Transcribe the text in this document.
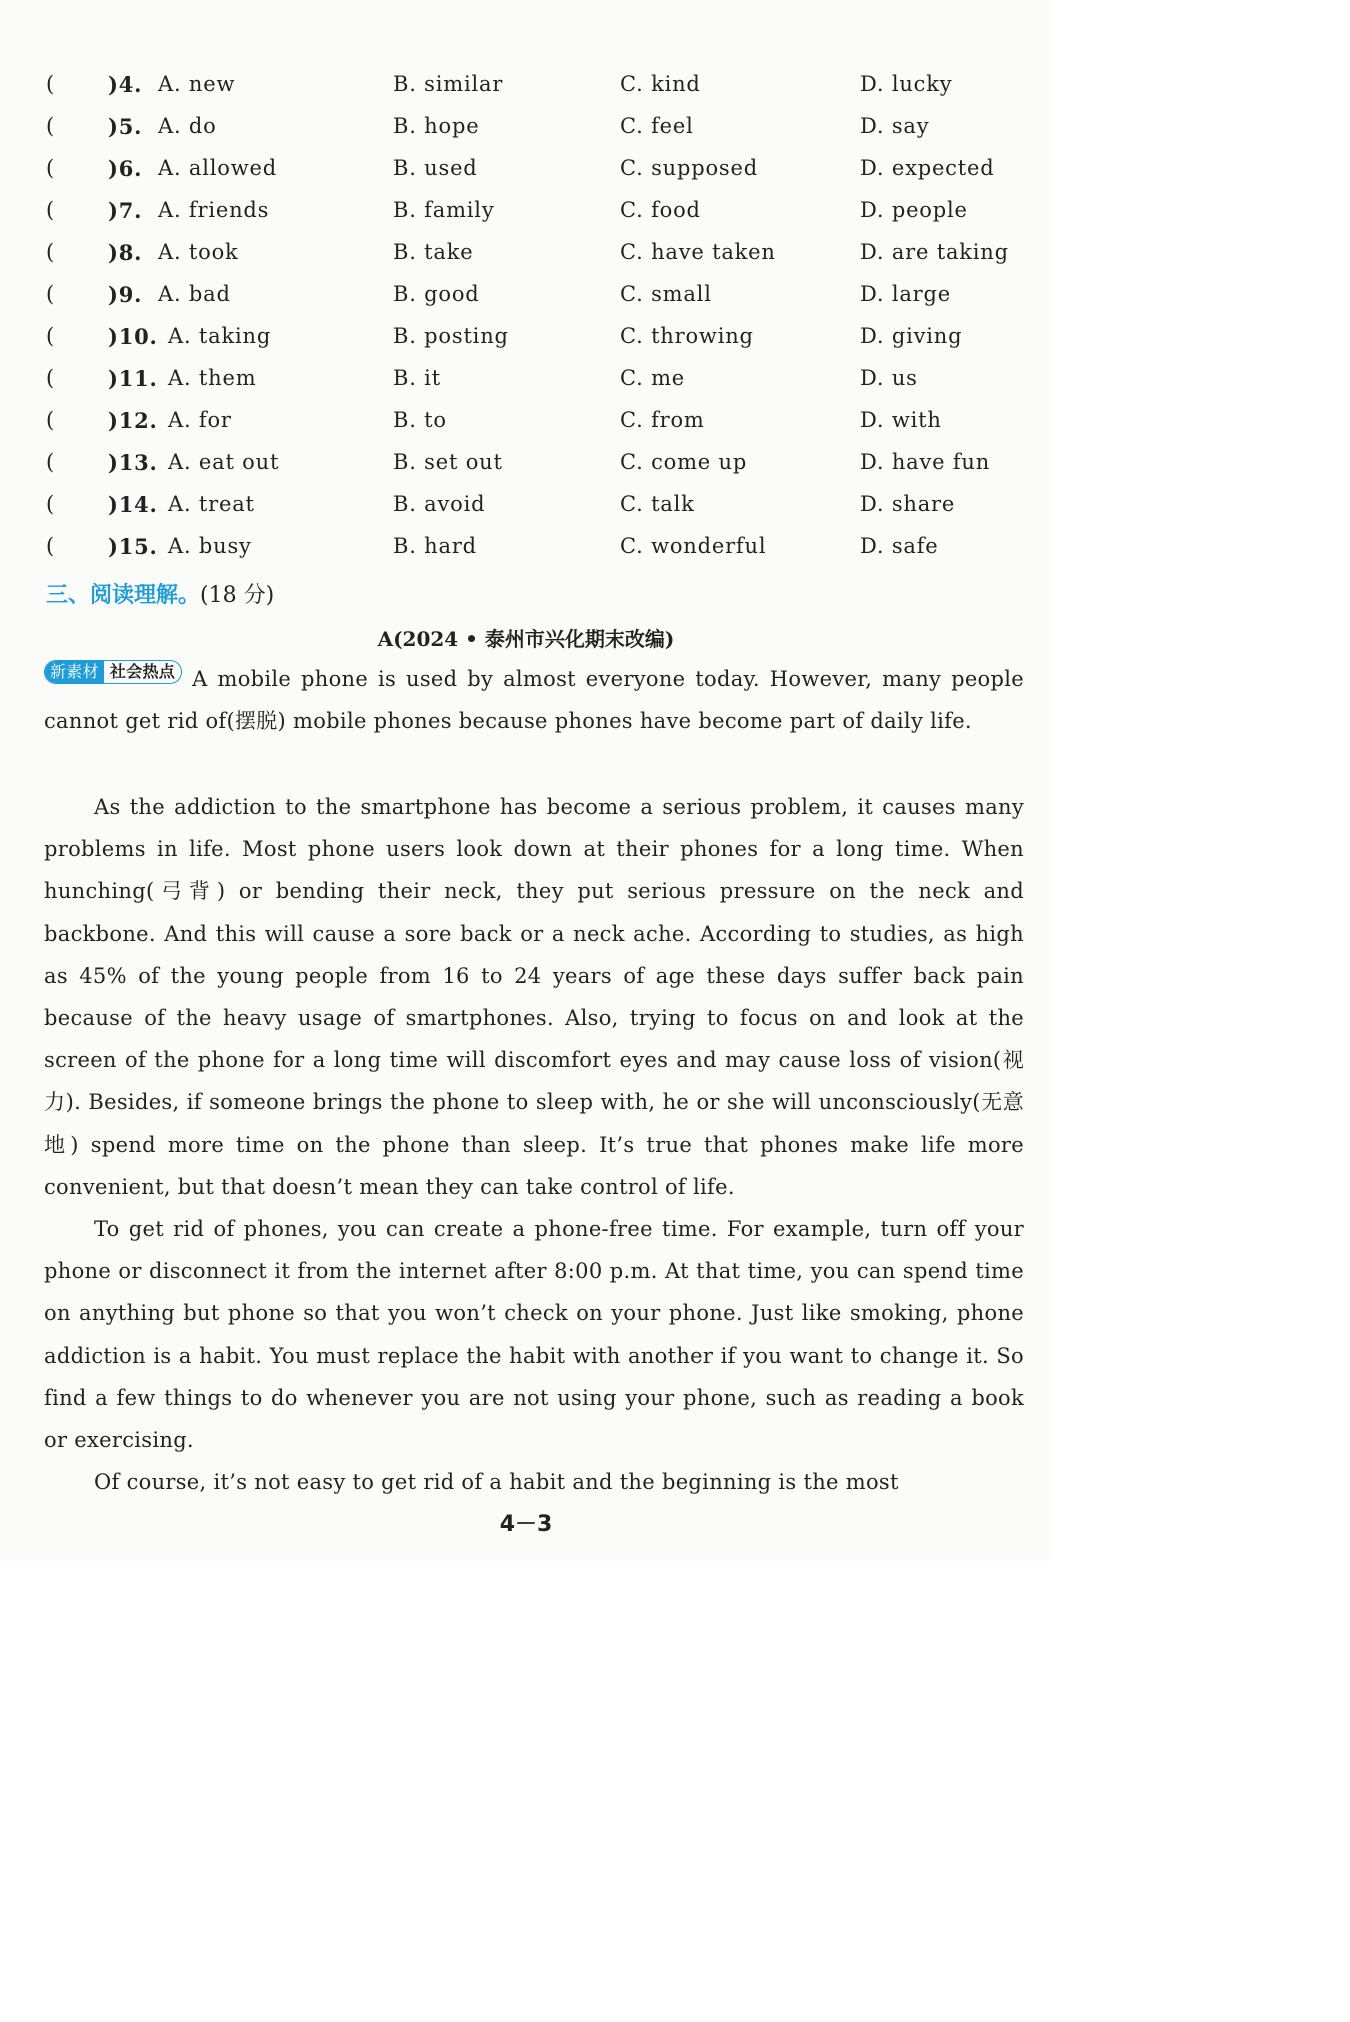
(	)4. A. new	B. similar	C. kind	D. lucky
(	)5. A. do	B. hope	C. feel	D. say
(	)6. A. allowed	B. used	C. supposed	D. expected
(	)7. A. friends	B. family	C. food	D. people
(	)8. A. took	B. take	C. have taken	D. are taking
(	)9. A. bad	B. good	C. small	D. large
(	)10. A. taking	B. posting	C. throwing	D. giving
(	)11. A. them	B. it	C. me	D. us
(	)12. A. for	B. to	C. from	D. with
(	)13. A. eat out	B. set out	C. come up	D. have fun
(	)14. A. treat	B. avoid	C. talk	D. share
(	)15. A. busy	B. hard	C. wonderful	D. safe
三、阅读理解。(18 分)
A(2024 • 泰州市兴化期末改编)

新素材 社会热点 A mobile phone is used by almost everyone today. However, many people cannot get rid of(摆脱) mobile phones because phones have become part of daily life.

As the addiction to the smartphone has become a serious problem, it causes many problems in life. Most phone users look down at their phones for a long time. When hunching(弓背) or bending their neck, they put serious pressure on the neck and backbone. And this will cause a sore back or a neck ache. According to studies, as high as 45% of the young people from 16 to 24 years of age these days suffer back pain because of the heavy usage of smartphones. Also, trying to focus on and look at the screen of the phone for a long time will discomfort eyes and may cause loss of vision(视力). Besides, if someone brings the phone to sleep with, he or she will unconsciously(无意地) spend more time on the phone than sleep. It’s true that phones make life more convenient, but that doesn’t mean they can take control of life.

To get rid of phones, you can create a phone-free time. For example, turn off your phone or disconnect it from the internet after 8:00 p.m. At that time, you can spend time on anything but phone so that you won’t check on your phone. Just like smoking, phone addiction is a habit. You must replace the habit with another if you want to change it. So find a few things to do whenever you are not using your phone, such as reading a book or exercising.

Of course, it’s not easy to get rid of a habit and the beginning is the most

4－3
